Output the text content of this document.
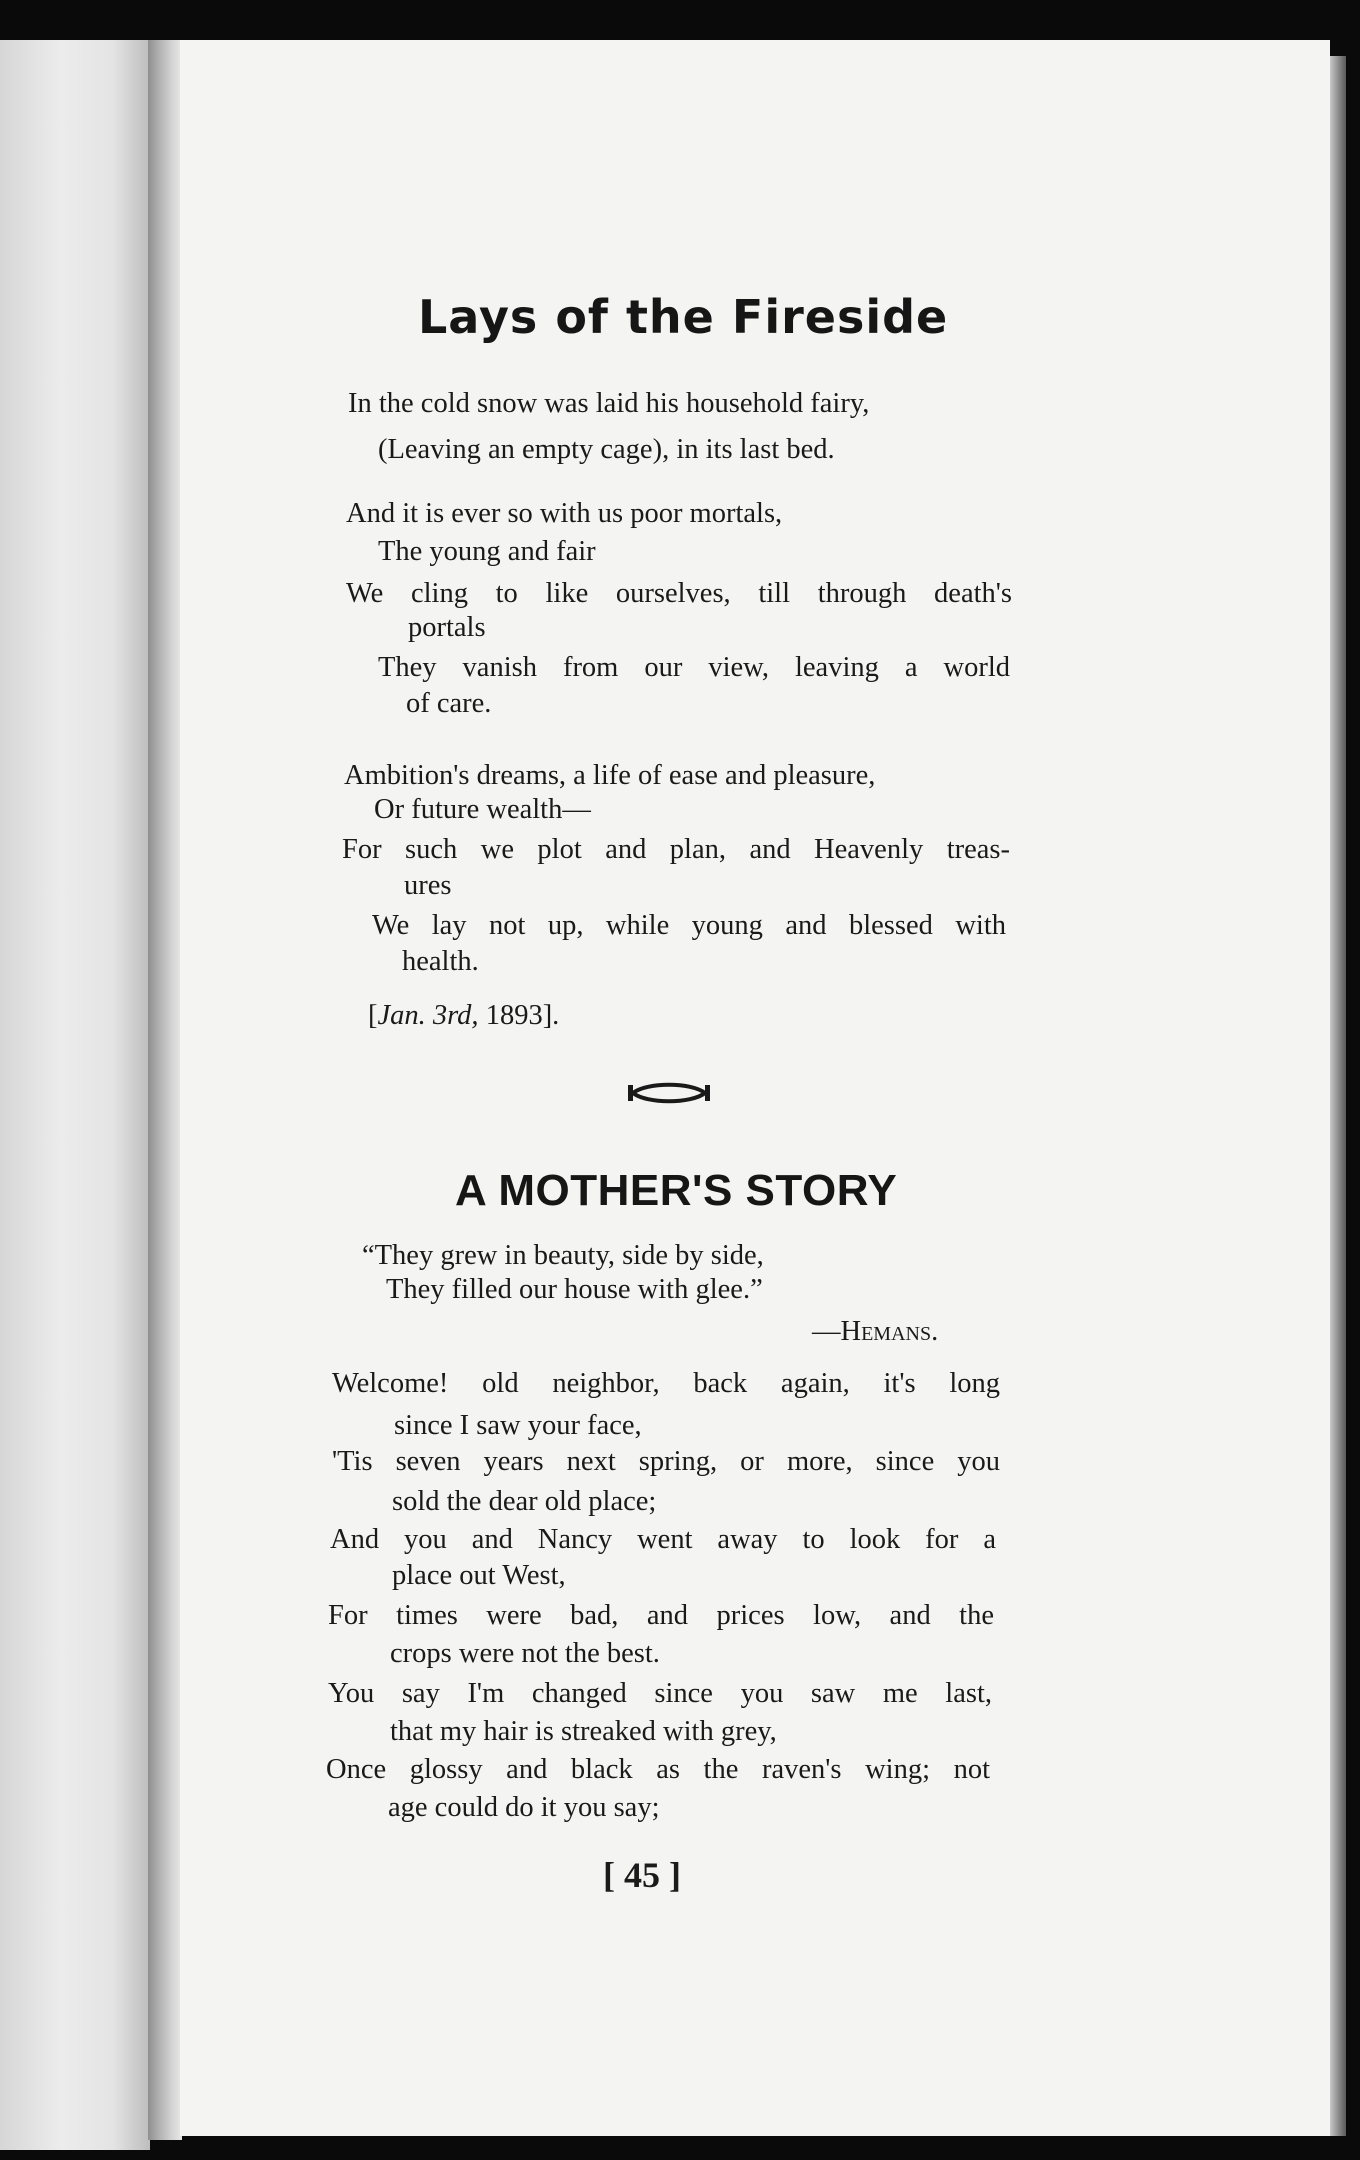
Lays of the Fireside
In the cold snow was laid his household fairy,
(Leaving an empty cage), in its last bed.
And it is ever so with us poor mortals,
The young and fair
We cling to like ourselves, till through death's
portals
They vanish from our view, leaving a world
of care.
Ambition's dreams, a life of ease and pleasure,
Or future wealth—
For such we plot and plan, and Heavenly treas-
ures
We lay not up, while young and blessed with
health.
[Jan. 3rd, 1893].
A MOTHER'S STORY
“They grew in beauty, side by side,
They filled our house with glee.”
—Hemans.
Welcome! old neighbor, back again, it's long
since I saw your face,
'Tis seven years next spring, or more, since you
sold the dear old place;
And you and Nancy went away to look for a
place out West,
For times were bad, and prices low, and the
crops were not the best.
You say I'm changed since you saw me last,
that my hair is streaked with grey,
Once glossy and black as the raven's wing; not
age could do it you say;
[ 45 ]
